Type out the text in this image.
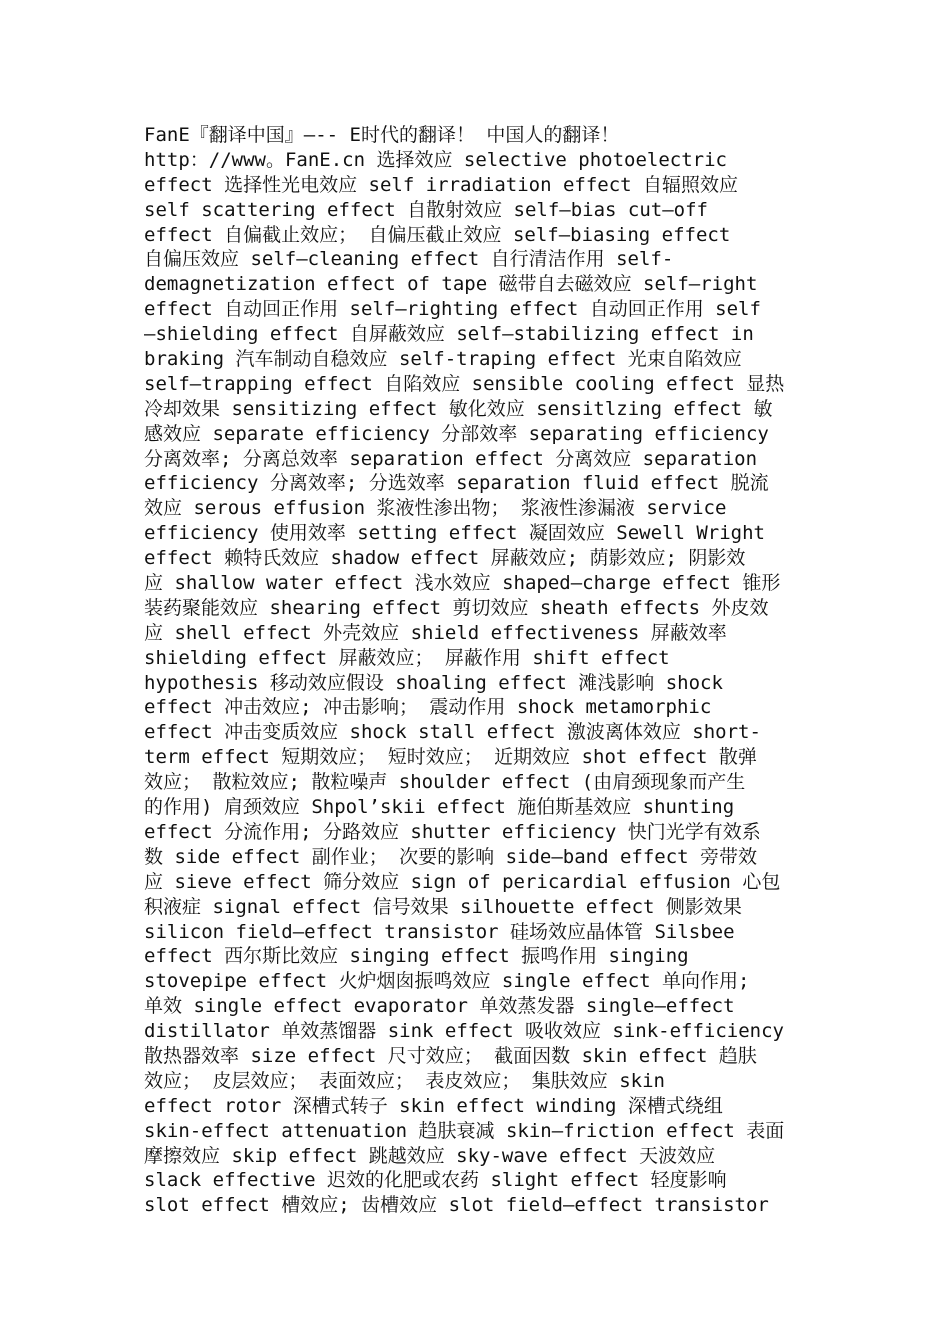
FanE『翻译中国』—-- E时代的翻译！ 中国人的翻译！
http：//www。FanE.cn 选择效应 selective photoelectric
effect 选择性光电效应 self irradiation effect 自辐照效应
self scattering effect 自散射效应 self—bias cut—off
effect 自偏截止效应； 自偏压截止效应 self—biasing effect
自偏压效应 self—cleaning effect 自行清洁作用 self-
demagnetization effect of tape 磁带自去磁效应 self—right
effect 自动回正作用 self—righting effect 自动回正作用 self
—shielding effect 自屏蔽效应 self—stabilizing effect in
braking 汽车制动自稳效应 self-traping effect 光束自陷效应
self—trapping effect 自陷效应 sensible cooling effect 显热
冷却效果 sensitizing effect 敏化效应 sensitlzing effect 敏
感效应 separate efficiency 分部效率 separating efficiency
分离效率; 分离总效率 separation effect 分离效应 separation
efficiency 分离效率; 分选效率 separation fluid effect 脱流
效应 serous effusion 浆液性渗出物； 浆液性渗漏液 service
efficiency 使用效率 setting effect 凝固效应 Sewell Wright
effect 赖特氏效应 shadow effect 屏蔽效应; 荫影效应; 阴影效
应 shallow water effect 浅水效应 shaped—charge effect 锥形
装药聚能效应 shearing effect 剪切效应 sheath effects 外皮效
应 shell effect 外壳效应 shield effectiveness 屏蔽效率
shielding effect 屏蔽效应； 屏蔽作用 shift effect
hypothesis 移动效应假设 shoaling effect 滩浅影响 shock
effect 冲击效应; 冲击影响； 震动作用 shock metamorphic
effect 冲击变质效应 shock stall effect 激波离体效应 short-
term effect 短期效应； 短时效应； 近期效应 shot effect 散弹
效应； 散粒效应; 散粒噪声 shoulder effect (由肩颈现象而产生
的作用) 肩颈效应 Shpol’skii effect 施伯斯基效应 shunting
effect 分流作用; 分路效应 shutter efficiency 快门光学有效系
数 side effect 副作业； 次要的影响 side—band effect 旁带效
应 sieve effect 筛分效应 sign of pericardial effusion 心包
积液症 signal effect 信号效果 silhouette effect 侧影效果
silicon field—effect transistor 硅场效应晶体管 Silsbee
effect 西尔斯比效应 singing effect 振鸣作用 singing
stovepipe effect 火炉烟囱振鸣效应 single effect 单向作用;
单效 single effect evaporator 单效蒸发器 single—effect
distillator 单效蒸馏器 sink effect 吸收效应 sink-efficiency
散热器效率 size effect 尺寸效应； 截面因数 skin effect 趋肤
效应； 皮层效应； 表面效应； 表皮效应； 集肤效应 skin
effect rotor 深槽式转子 skin effect winding 深槽式绕组
skin-effect attenuation 趋肤衰减 skin—friction effect 表面
摩擦效应 skip effect 跳越效应 sky-wave effect 天波效应
slack effective 迟效的化肥或农药 slight effect 轻度影响
slot effect 槽效应; 齿槽效应 slot field—effect transistor
